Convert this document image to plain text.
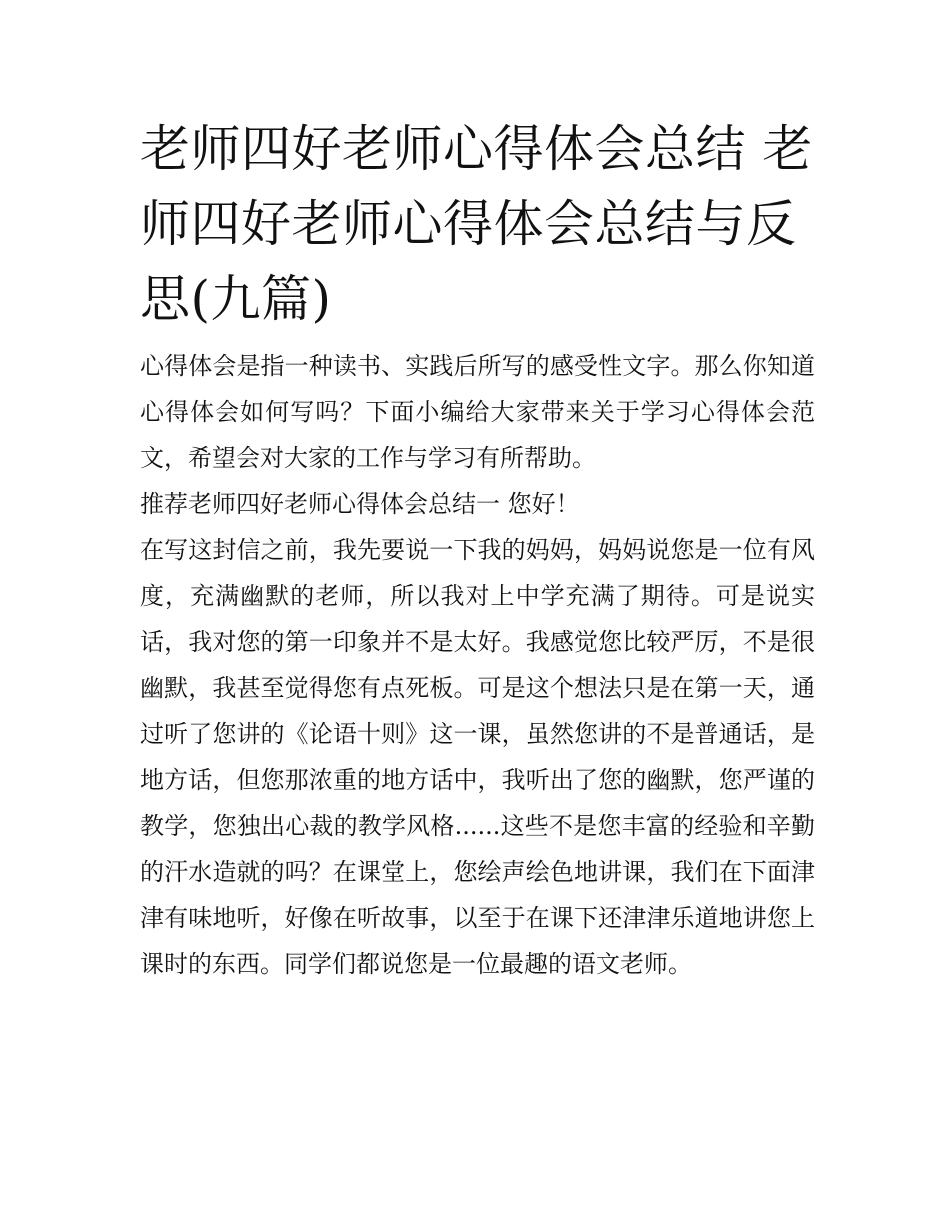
老师四好老师心得体会总结 老师四好老师心得体会总结与反思(九篇)

心得体会是指一种读书、实践后所写的感受性文字。那么你知道心得体会如何写吗？下面小编给大家带来关于学习心得体会范文，希望会对大家的工作与学习有所帮助。

推荐老师四好老师心得体会总结一 您好！

在写这封信之前，我先要说一下我的妈妈，妈妈说您是一位有风度，充满幽默的老师，所以我对上中学充满了期待。可是说实话，我对您的第一印象并不是太好。我感觉您比较严厉，不是很幽默，我甚至觉得您有点死板。可是这个想法只是在第一天，通过听了您讲的《论语十则》这一课，虽然您讲的不是普通话，是地方话，但您那浓重的地方话中，我听出了您的幽默，您严谨的教学，您独出心裁的教学风格......这些不是您丰富的经验和辛勤的汗水造就的吗？在课堂上，您绘声绘色地讲课，我们在下面津津有味地听，好像在听故事，以至于在课下还津津乐道地讲您上课时的东西。同学们都说您是一位最趣的语文老师。
